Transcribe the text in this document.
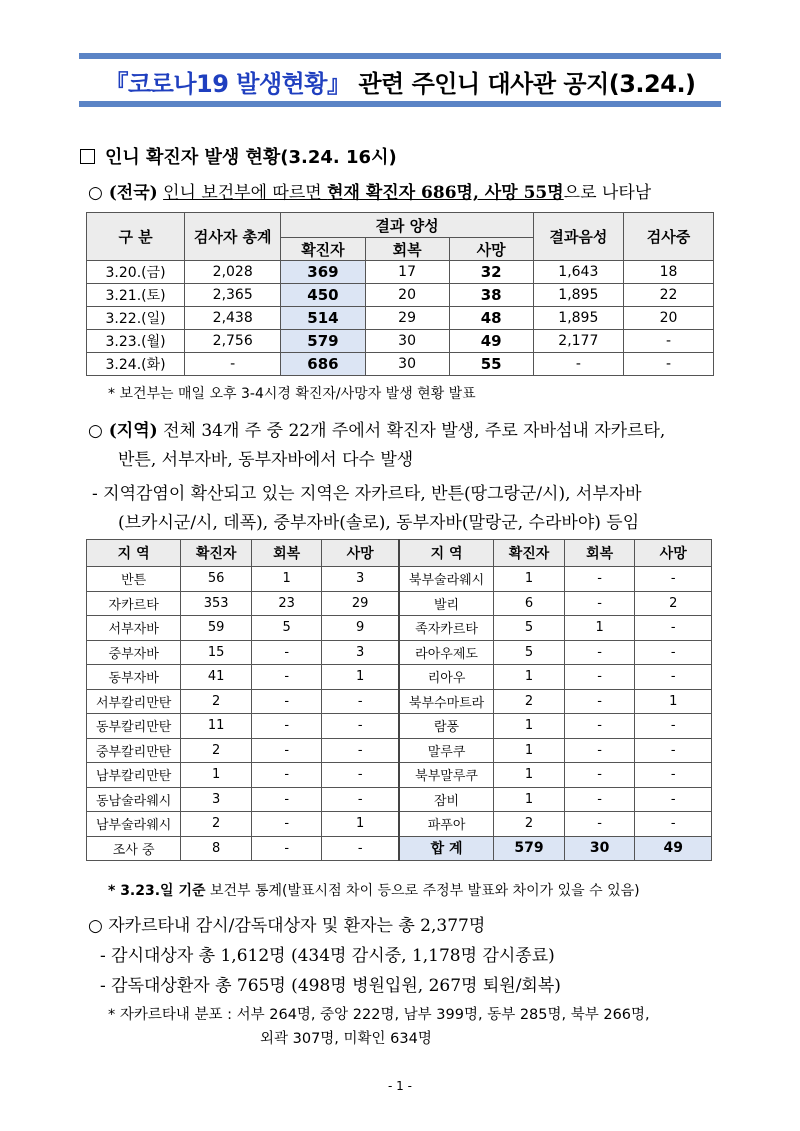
『코로나19 발생현황』 관련 주인니 대사관 공지(3.24.)
인니 확진자 발생 현황(3.24. 16시)
○ (전국) 인니 보건부에 따르면 현재 확진자 686명, 사망 55명으로 나타남
구 분	검사자 총계	결과 양성			결과음성	검사중
		확진자	회복	사망		
3.20.(금)	2,028	369	17	32	1,643	18
3.21.(토)	2,365	450	20	38	1,895	22
3.22.(일)	2,438	514	29	48	1,895	20
3.23.(월)	2,756	579	30	49	2,177	-
3.24.(화)	-	686	30	55	-	-
* 보건부는 매일 오후 3-4시경 확진자/사망자 발생 현황 발표
○ (지역) 전체 34개 주 중 22개 주에서 확진자 발생, 주로 자바섬내 자카르타,
반튼, 서부자바, 동부자바에서 다수 발생
- 지역감염이 확산되고 있는 지역은 자카르타, 반튼(땅그랑군/시), 서부자바
(브카시군/시, 데폭), 중부자바(솔로), 동부자바(말랑군, 수라바야) 등임
지 역	확진자	회복	사망	지 역	확진자	회복	사망
반튼	56	1	3	북부술라웨시	1	-	-
자카르타	353	23	29	발리	6	-	2
서부자바	59	5	9	족자카르타	5	1	-
중부자바	15	-	3	라아우제도	5	-	-
동부자바	41	-	1	리아우	1	-	-
서부칼리만탄	2	-	-	북부수마트라	2	-	1
동부칼리만탄	11	-	-	람풍	1	-	-
중부칼리만탄	2	-	-	말루쿠	1	-	-
남부칼리만탄	1	-	-	북부말루쿠	1	-	-
동남술라웨시	3	-	-	잠비	1	-	-
남부술라웨시	2	-	1	파푸아	2	-	-
조사 중	8	-	-	합 계	579	30	49
* 3.23.일 기준 보건부 통계(발표시점 차이 등으로 주정부 발표와 차이가 있을 수 있음)
○ 자카르타내 감시/감독대상자 및 환자는 총 2,377명
- 감시대상자 총 1,612명 (434명 감시중, 1,178명 감시종료)
- 감독대상환자 총 765명 (498명 병원입원, 267명 퇴원/회복)
* 자카르타내 분포 : 서부 264명, 중앙 222명, 남부 399명, 동부 285명, 북부 266명,
외곽 307명, 미확인 634명
- 1 -
